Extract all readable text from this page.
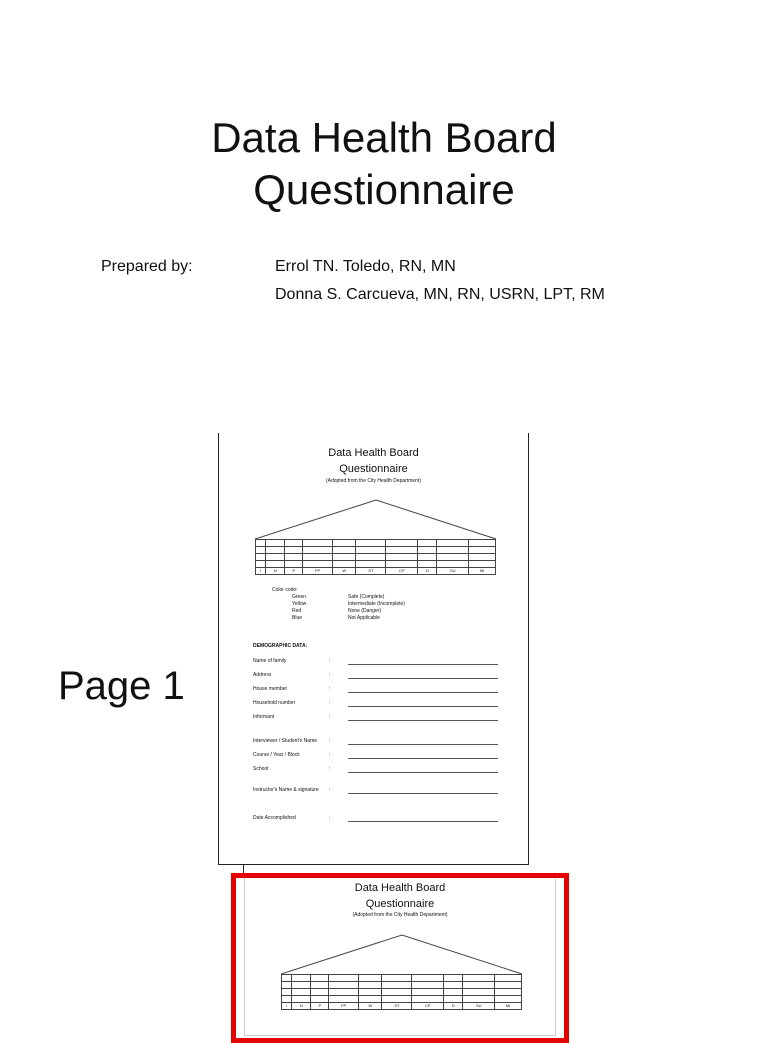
Data Health Board
Questionnaire
Prepared by:	Errol TN. Toledo, RN, MN
Donna S. Carcueva, MN, RN, USRN, LPT, RM
Page 1
Data Health Board
Questionnaire
(Adopted from the City Health Department)

I	N	P	FP	W	ST	CP	D	SU	MI
Color code:
Green	Safe (Complete)
Yellow	Intermediate (Incomplete)
Red	None (Danger)
Blue	Not Applicable
DEMOGRAPHIC DATA:
Name of family	:
Address	:
House member	:
Household number	:
Informant	:
Interviewer / Student's Name :
Course / Year / Block	:
School:	:
Instructor's Name & signature :
Date Accomplished	:
Data Health Board
Questionnaire
(Adopted from the City Health Department)

I	N	P	FP	W	ST	CP	D	SU	MI
